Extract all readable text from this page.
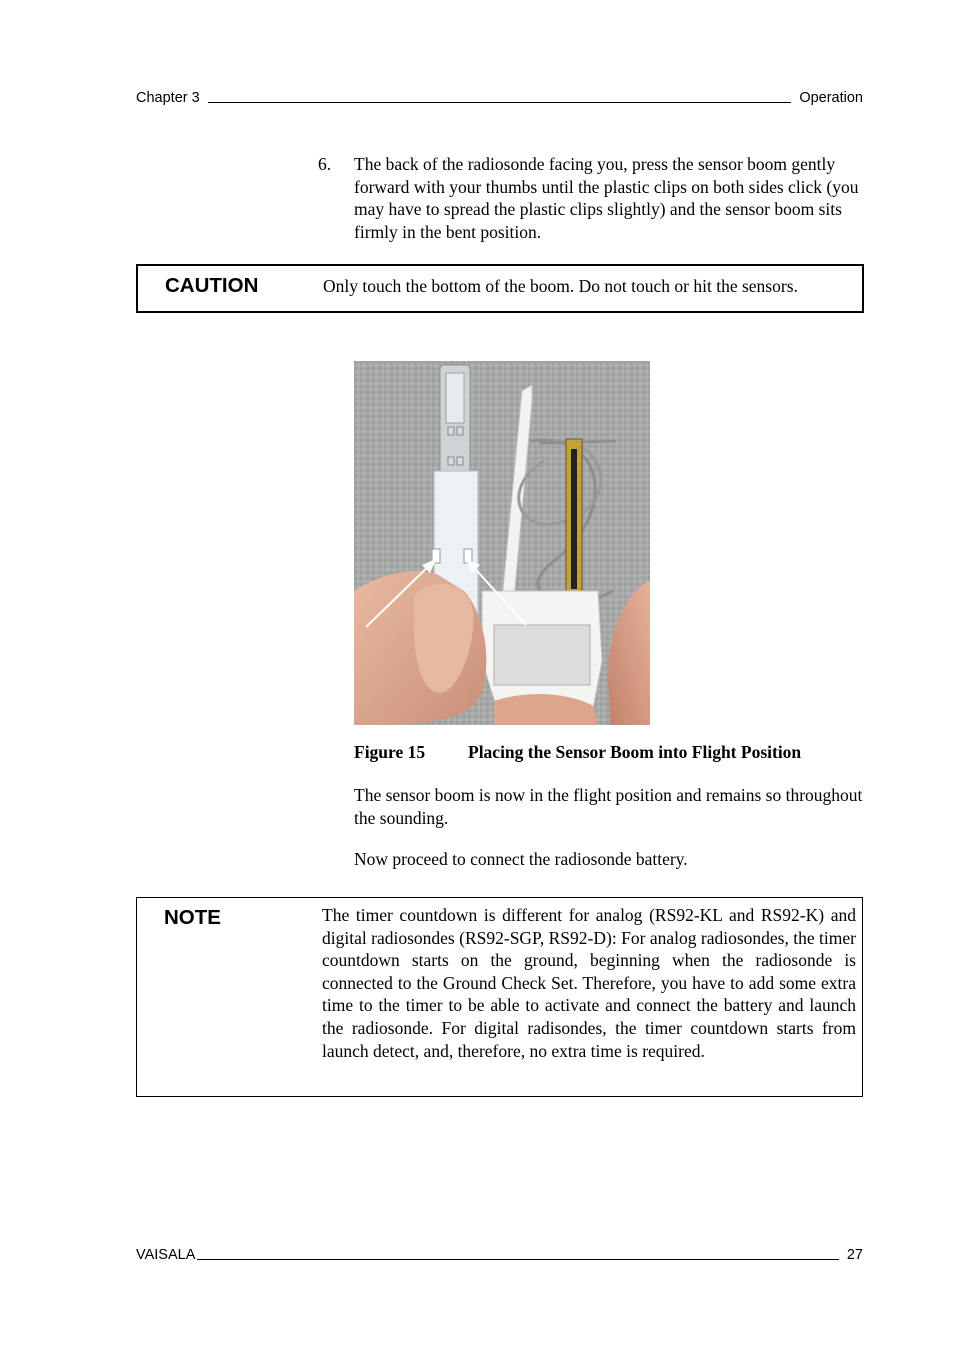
Chapter 3	Operation
6.	The back of the radiosonde facing you, press the sensor boom gently forward with your thumbs until the plastic clips on both sides click (you may have to spread the plastic clips slightly) and the sensor boom sits firmly in the bent position.
CAUTION	Only touch the bottom of the boom. Do not touch or hit the sensors.
Figure 15	Placing the Sensor Boom into Flight Position
The sensor boom is now in the flight position and remains so throughout the sounding.
Now proceed to connect the radiosonde battery.
NOTE	The timer countdown is different for analog (RS92-KL and RS92-K) and digital radiosondes (RS92-SGP, RS92-D): For analog radiosondes, the timer countdown starts on the ground, beginning when the radiosonde is connected to the Ground Check Set. Therefore, you have to add some extra time to the timer to be able to activate and connect the battery and launch the radiosonde. For digital radisondes, the timer countdown starts from launch detect, and, therefore, no extra time is required.
VAISALA	27
